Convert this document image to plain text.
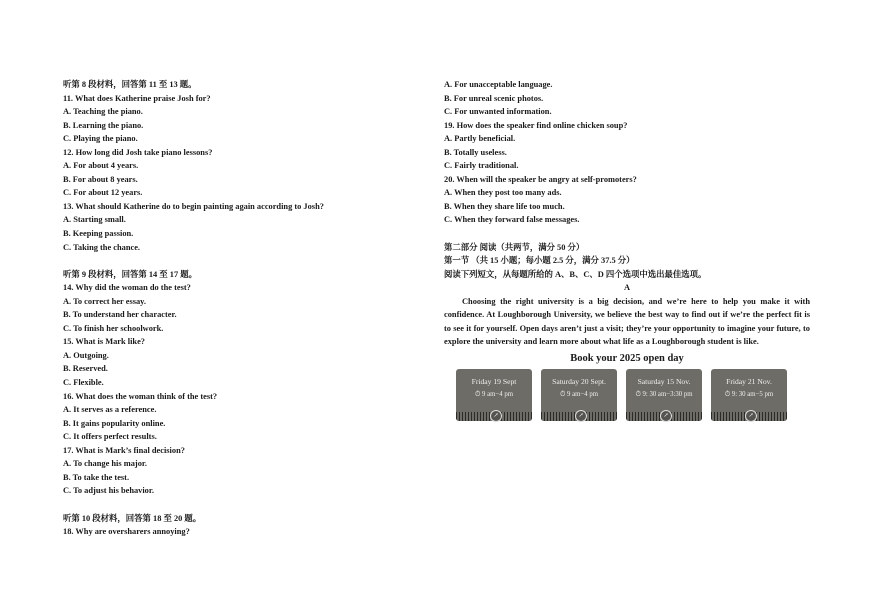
听第 8 段材料，回答第 11 至 13 题。
11. What does Katherine praise Josh for?
A. Teaching the piano.
B. Learning the piano.
C. Playing the piano.
12. How long did Josh take piano lessons?
A. For about 4 years.
B. For about 8 years.
C. For about 12 years.
13. What should Katherine do to begin painting again according to Josh?
A. Starting small.
B. Keeping passion.
C. Taking the chance.
听第 9 段材料，回答第 14 至 17 题。
14. Why did the woman do the test?
A. To correct her essay.
B. To understand her character.
C. To finish her schoolwork.
15. What is Mark like?
A. Outgoing.
B. Reserved.
C. Flexible.
16. What does the woman think of the test?
A. It serves as a reference.
B. It gains popularity online.
C. It offers perfect results.
17. What is Mark’s final decision?
A. To change his major.
B. To take the test.
C. To adjust his behavior.
听第 10 段材料，回答第 18 至 20 题。
18. Why are oversharers annoying?
A. For unacceptable language.
B. For unreal scenic photos.
C. For unwanted information.
19. How does the speaker find online chicken soup?
A. Partly beneficial.
B. Totally useless.
C. Fairly traditional.
20. When will the speaker be angry at self-promoters?
A. When they post too many ads.
B. When they share life too much.
C. When they forward false messages.
第二部分 阅读（共两节，满分 50 分）
第一节 （共 15 小题；每小题 2.5 分，满分 37.5 分）
阅读下列短文，从每题所给的 A、B、C、D 四个选项中选出最佳选项。
A
Choosing the right university is a big decision, and we’re here to help you make it with confidence. At Loughborough University, we believe the best way to find out if we’re the perfect fit is to see it for yourself. Open days aren’t just a visit; they’re your opportunity to imagine your future, to explore the university and learn more about what life as a Loughborough student is like.
Book your 2025 open day
Friday 19 Sept
⏱ 9 am−4 pm
↗
Saturday 20 Sept.
⏱ 9 am−4 pm
↗
Saturday 15 Nov.
⏱ 9: 30 am−3:30 pm
↗
Friday 21 Nov.
⏱ 9: 30 am−5 pm
↗
